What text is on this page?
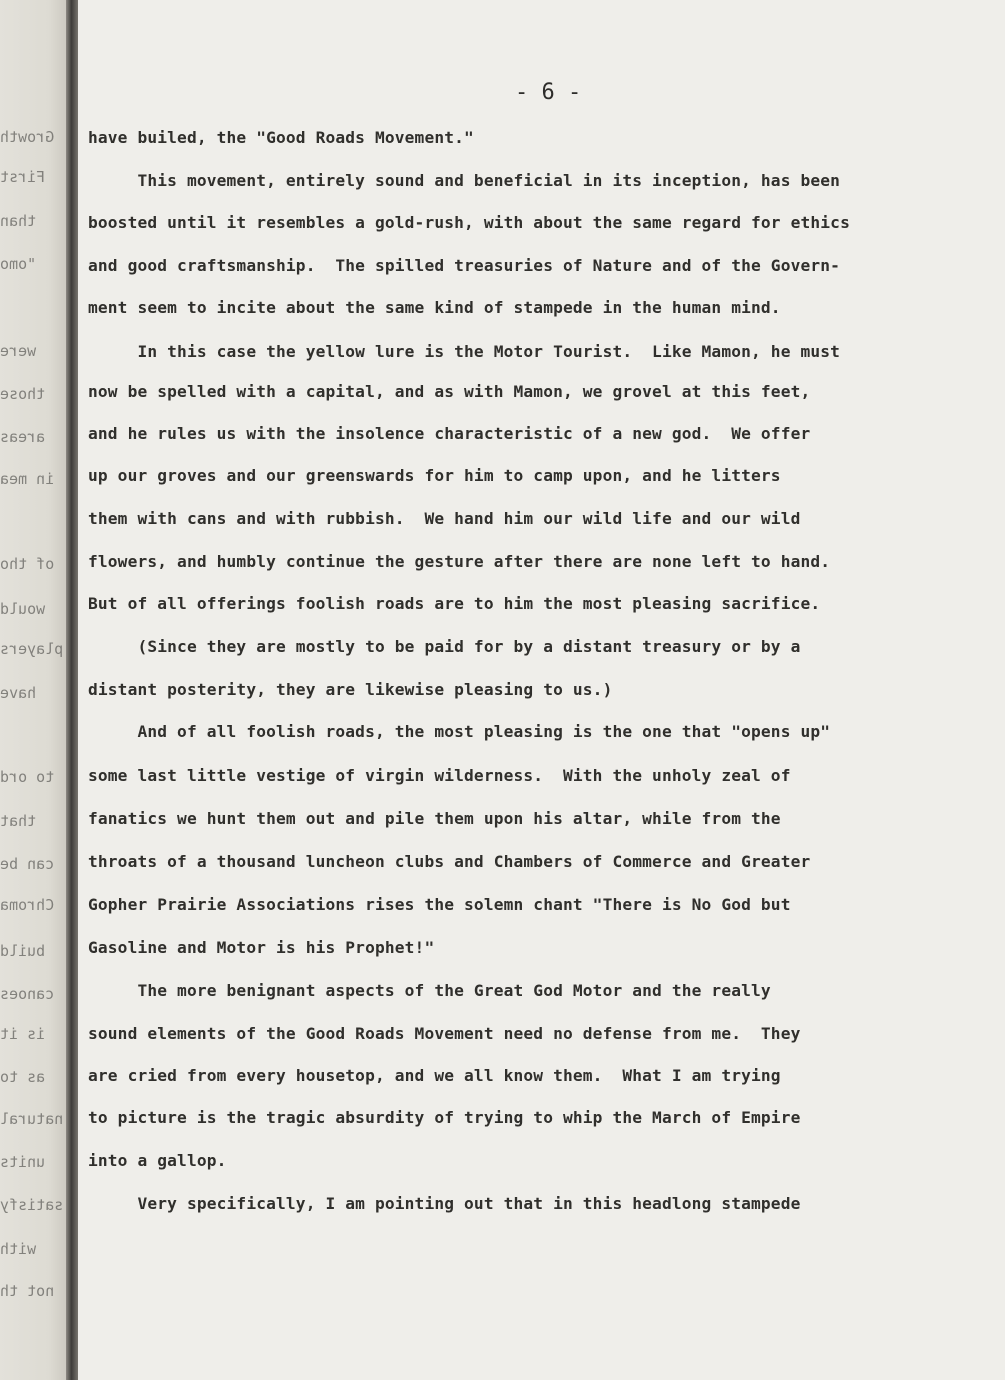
Growth
First
than
"omo
were
those
areas
in mea
of tho
would
players
have
to ord
that
can be
Chroma
build
canoes
is it
as to
natural
units
satisfy
with
not th
- 6 -
have builed, the "Good Roads Movement."
This movement, entirely sound and beneficial in its inception, has been
boosted until it resembles a gold-rush, with about the same regard for ethics
and good craftsmanship.  The spilled treasuries of Nature and of the Govern-
ment seem to incite about the same kind of stampede in the human mind.
In this case the yellow lure is the Motor Tourist.  Like Mamon, he must
now be spelled with a capital, and as with Mamon, we grovel at this feet,
and he rules us with the insolence characteristic of a new god.  We offer
up our groves and our greenswards for him to camp upon, and he litters
them with cans and with rubbish.  We hand him our wild life and our wild
flowers, and humbly continue the gesture after there are none left to hand.
But of all offerings foolish roads are to him the most pleasing sacrifice.
(Since they are mostly to be paid for by a distant treasury or by a
distant posterity, they are likewise pleasing to us.)
And of all foolish roads, the most pleasing is the one that "opens up"
some last little vestige of virgin wilderness.  With the unholy zeal of
fanatics we hunt them out and pile them upon his altar, while from the
throats of a thousand luncheon clubs and Chambers of Commerce and Greater
Gopher Prairie Associations rises the solemn chant "There is No God but
Gasoline and Motor is his Prophet!"
The more benignant aspects of the Great God Motor and the really
sound elements of the Good Roads Movement need no defense from me.  They
are cried from every housetop, and we all know them.  What I am trying
to picture is the tragic absurdity of trying to whip the March of Empire
into a gallop.
Very specifically, I am pointing out that in this headlong stampede
